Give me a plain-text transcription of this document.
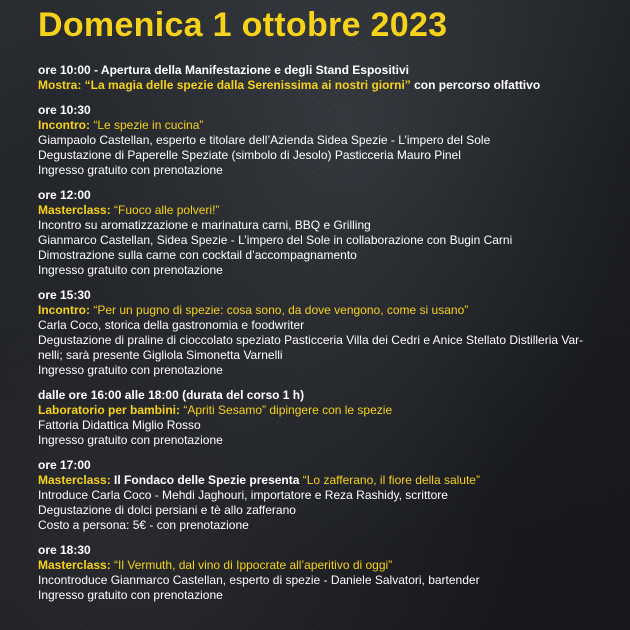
Domenica 1 ottobre 2023
ore 10:00 - Apertura della Manifestazione e degli Stand Espositivi
Mostra: “La magia delle spezie dalla Serenissima ai nostri giorni” con percorso olfattivo
ore 10:30
Incontro: “Le spezie in cucina”
Giampaolo Castellan, esperto e titolare dell’Azienda Sidea Spezie - L’impero del Sole
Degustazione di Paperelle Speziate (simbolo di Jesolo) Pasticceria Mauro Pinel
Ingresso gratuito con prenotazione
ore 12:00
Masterclass: “Fuoco alle polveri!”
Incontro su aromatizzazione e marinatura carni, BBQ e Grilling
Gianmarco Castellan, Sidea Spezie - L’impero del Sole in collaborazione con Bugin Carni
Dimostrazione sulla carne con cocktail d’accompagnamento
Ingresso gratuito con prenotazione
ore 15:30
Incontro: “Per un pugno di spezie: cosa sono, da dove vengono, come si usano”
Carla Coco, storica della gastronomia e foodwriter
Degustazione di praline di cioccolato speziato Pasticceria Villa dei Cedri e Anice Stellato Distilleria Var-
nelli; sarà presente Gigliola Simonetta Varnelli
Ingresso gratuito con prenotazione
dalle ore 16:00 alle 18:00 (durata del corso 1 h)
Laboratorio per bambini: “Apriti Sesamo” dipingere con le spezie
Fattoria Didattica Miglio Rosso
Ingresso gratuito con prenotazione
ore 17:00
Masterclass: Il Fondaco delle Spezie presenta “Lo zafferano, il fiore della salute”
Introduce Carla Coco - Mehdi Jaghouri, importatore e Reza Rashidy, scrittore
Degustazione di dolci persiani e tè allo zafferano
Costo a persona: 5€ - con prenotazione
ore 18:30
Masterclass: “Il Vermuth, dal vino di Ippocrate all’aperitivo di oggi”
Incontroduce Gianmarco Castellan, esperto di spezie - Daniele Salvatori, bartender
Ingresso gratuito con prenotazione
